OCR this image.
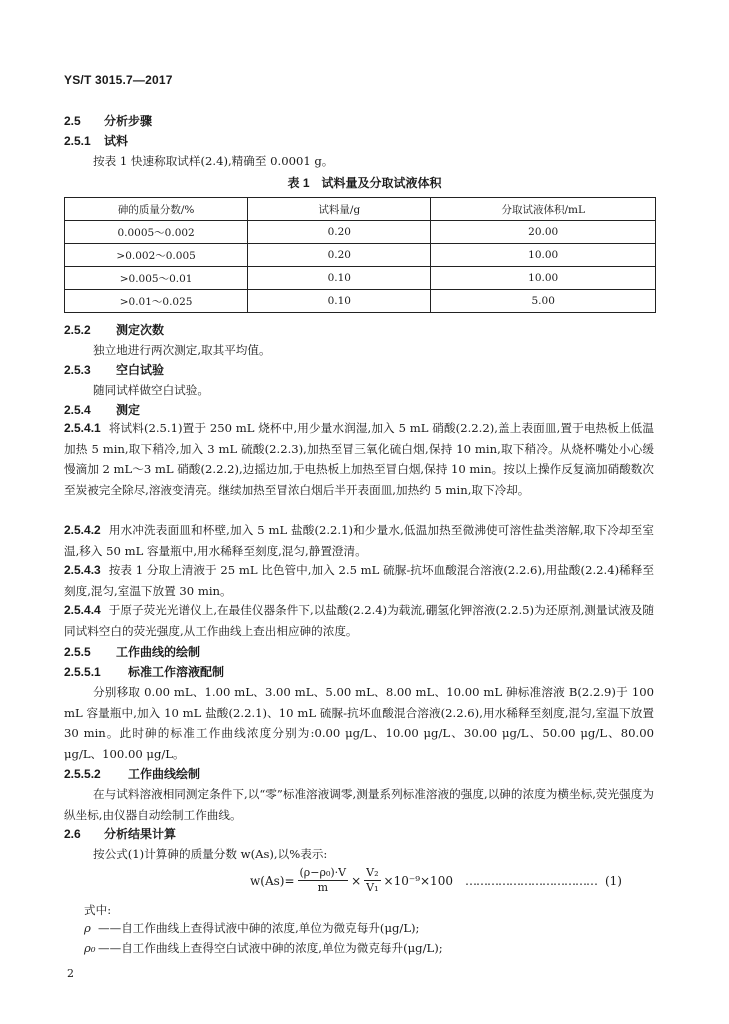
YS/T 3015.7—2017
2.5 分析步骤
2.5.1 试料
按表 1 快速称取试样(2.4),精确至 0.0001 g。
表 1　试料量及分取试液体积
砷的质量分数/%	试料量/g	分取试液体积/mL
0.0005～0.002	0.20	20.00
>0.002～0.005	0.20	10.00
>0.005～0.01	0.10	10.00
>0.01～0.025	0.10	5.00
2.5.2 测定次数
独立地进行两次测定,取其平均值。
2.5.3 空白试验
随同试样做空白试验。
2.5.4 测定
2.5.4.1 将试料(2.5.1)置于 250 mL 烧杯中,用少量水润湿,加入 5 mL 硝酸(2.2.2),盖上表面皿,置于电热板上低温加热 5 min,取下稍冷,加入 3 mL 硫酸(2.2.3),加热至冒三氧化硫白烟,保持 10 min,取下稍冷。从烧杯嘴处小心缓慢滴加 2 mL～3 mL 硝酸(2.2.2),边摇边加,于电热板上加热至冒白烟,保持 10 min。按以上操作反复滴加硝酸数次至炭被完全除尽,溶液变清亮。继续加热至冒浓白烟后半开表面皿,加热约 5 min,取下冷却。
2.5.4.2 用水冲洗表面皿和杯壁,加入 5 mL 盐酸(2.2.1)和少量水,低温加热至微沸使可溶性盐类溶解,取下冷却至室温,移入 50 mL 容量瓶中,用水稀释至刻度,混匀,静置澄清。
2.5.4.3 按表 1 分取上清液于 25 mL 比色管中,加入 2.5 mL 硫脲-抗坏血酸混合溶液(2.2.6),用盐酸(2.2.4)稀释至刻度,混匀,室温下放置 30 min。
2.5.4.4 于原子荧光光谱仪上,在最佳仪器条件下,以盐酸(2.2.4)为载流,硼氢化钾溶液(2.2.5)为还原剂,测量试液及随同试料空白的荧光强度,从工作曲线上查出相应砷的浓度。
2.5.5 工作曲线的绘制
2.5.5.1 标准工作溶液配制
分别移取 0.00 mL、1.00 mL、3.00 mL、5.00 mL、8.00 mL、10.00 mL 砷标准溶液 B(2.2.9)于 100 mL 容量瓶中,加入 10 mL 盐酸(2.2.1)、10 mL 硫脲-抗坏血酸混合溶液(2.2.6),用水稀释至刻度,混匀,室温下放置 30 min。此时砷的标准工作曲线浓度分别为:0.00 μg/L、10.00 μg/L、30.00 μg/L、50.00 μg/L、80.00 μg/L、100.00 μg/L。
2.5.5.2 工作曲线绘制
在与试料溶液相同测定条件下,以“零”标准溶液调零,测量系列标准溶液的强度,以砷的浓度为横坐标,荧光强度为纵坐标,由仪器自动绘制工作曲线。
2.6 分析结果计算
按公式(1)计算砷的质量分数 w(As),以%表示:
$w(As)= \frac{\text{(ρ−ρ₀)·V}}{m} \times \frac{\text{V₂}}{\text{V₁}} \times 10^{-9}\times 100$ ……………………………… (1)
式中:
ρ ——自工作曲线上查得试液中砷的浓度,单位为微克每升(μg/L);
ρ₀ ——自工作曲线上查得空白试液中砷的浓度,单位为微克每升(μg/L);
2
